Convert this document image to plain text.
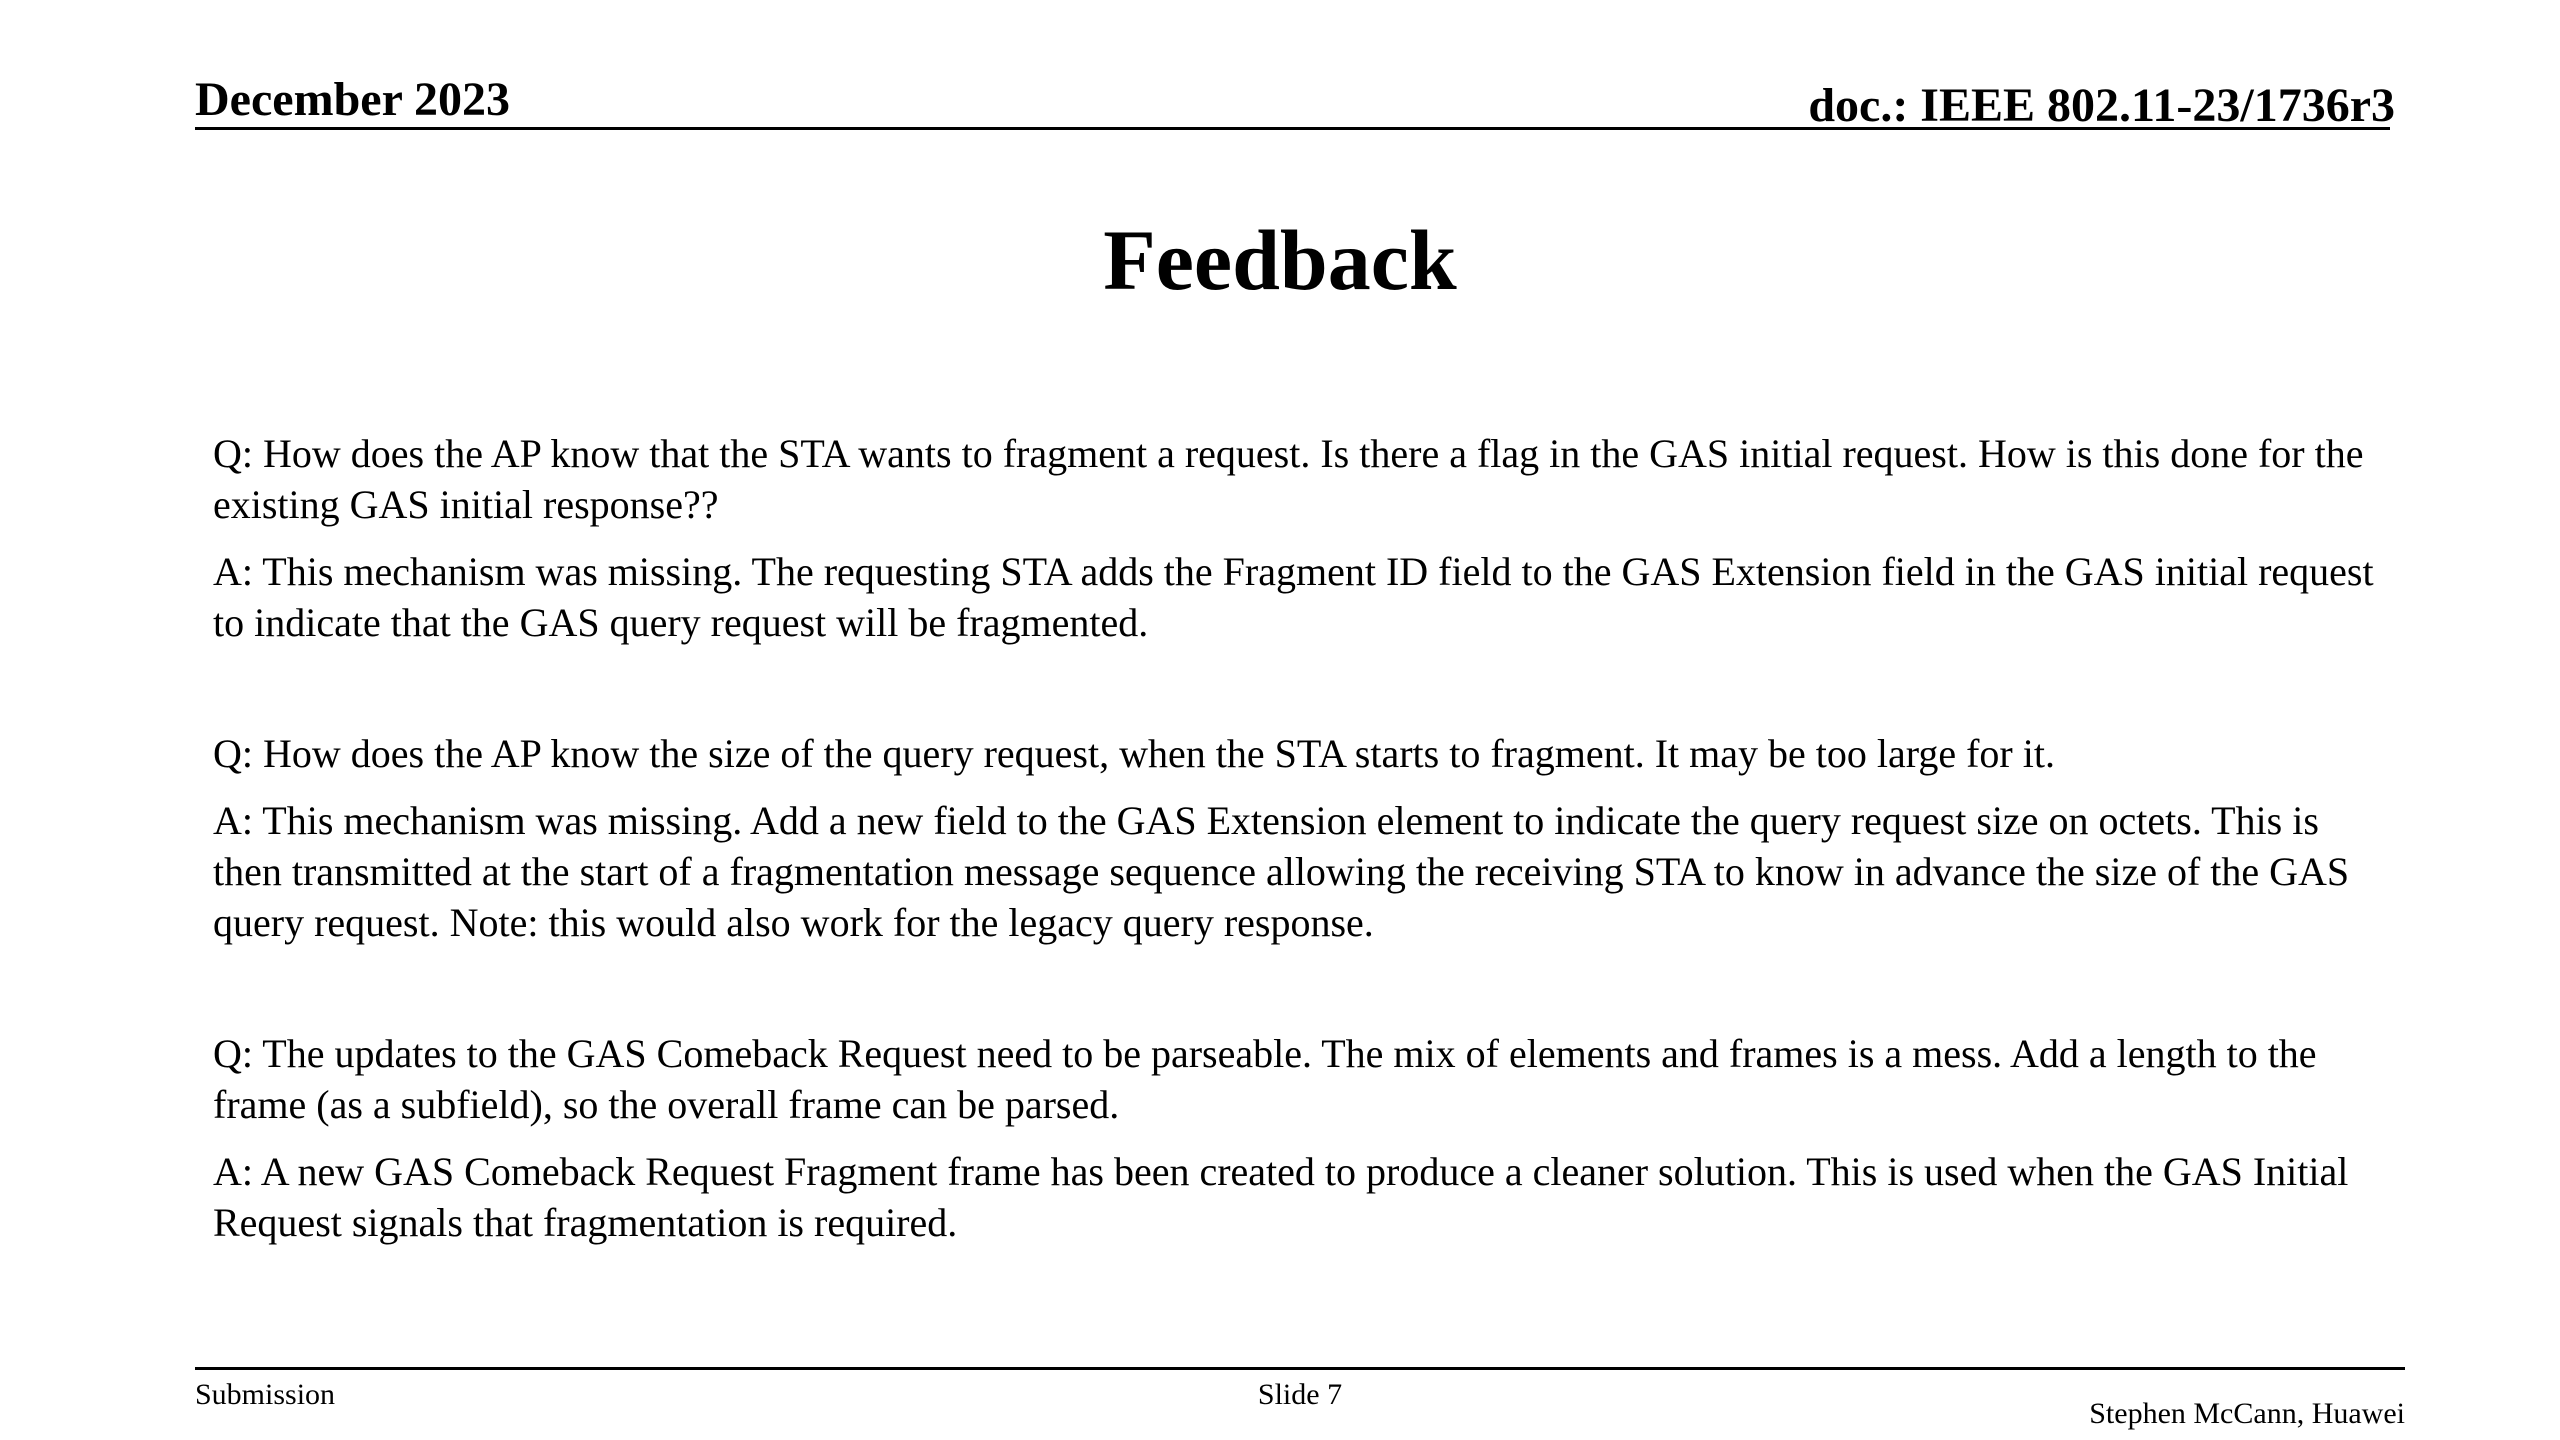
December 2023	doc.: IEEE 802.11-23/1736r3
Feedback

Q: How does the AP know that the STA wants to fragment a request. Is there a flag in the GAS initial request. How is this done for the existing GAS initial response??

A: This mechanism was missing. The requesting STA adds the Fragment ID field to the GAS Extension field in the GAS initial request to indicate that the GAS query request will be fragmented.

Q: How does the AP know the size of the query request, when the STA starts to fragment. It may be too large for it.

A: This mechanism was missing. Add a new field to the GAS Extension element to indicate the query request size on octets. This is then transmitted at the start of a fragmentation message sequence allowing the receiving STA to know in advance the size of the GAS query request. Note: this would also work for the legacy query response.

Q: The updates to the GAS Comeback Request need to be parseable. The mix of elements and frames is a mess. Add a length to the frame (as a subfield), so the overall frame can be parsed.

A: A new GAS Comeback Request Fragment frame has been created to produce a cleaner solution. This is used when the GAS Initial Request signals that fragmentation is required.

Submission	Slide 7
Stephen McCann, Huawei
